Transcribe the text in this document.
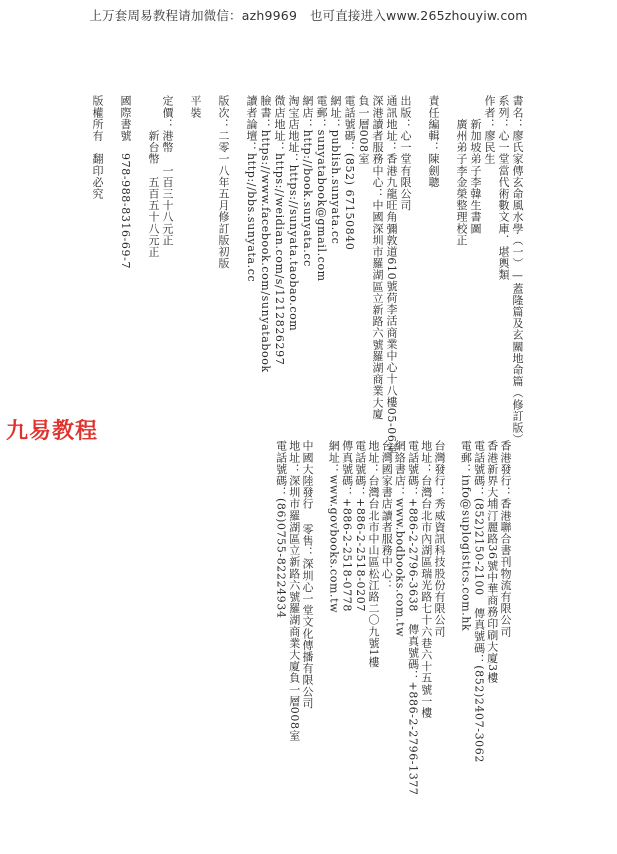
上万套周易教程请加微信：azh9969　也可直接进入www.265zhouyiw.com
書名：廖氏家傳玄命風水學（一）—蓋隆篇及玄關地命篇（修訂版）
系列：心一堂當代術數文庫．堪輿類
作者：廖民生
　　新加坡弟子李韓生書圖
　　廣州弟子李金榮整理校正
責任編輯：陳劍聰
出版：心一堂有限公司
通訊地址：香港九龍旺角彌敦道610號荷李活商業中心十八樓05-06室
深港讀者服務中心：中國深圳市羅湖區立新路六號羅湖商業大廈
負一層008室
電話號碼：(852) 67150840
網址：publish.sunyata.cc
電郵：sunyatabook@gmail.com
網店：http://book.sunyata.cc
淘宝店地址：https://sunyata.taobao.com
微店地址：https://weidian.com/s/1212826297
臉書：https://www.facebook.com/sunyatabook
讀者論壇：http://bbs.sunyata.cc
版次：二零一八年五月修訂版初版
平裝
定價：港幣　一百三十八元正
　　　新台幣　五百五十八元正
國際書號　978-988-8316-69-7
版權所有　翻印必究
香港發行：香港聯合書刊物流有限公司
香港新界大埔汀麗路36號中華商務印刷大廈3樓
電話號碼：(852)2150-2100　傳真號碼：(852)2407-3062
電郵：info@suplogistics.com.hk
台灣發行：秀威資訊科技股份有限公司
地址：台灣台北市內湖區瑞光路七十六巷六十五號一樓
電話號碼：+886-2-2796-3638　傳真號碼：+886-2-2796-1377
網絡書店：www.bodbooks.com.tw
台灣國家書店讀者服務中心：
地址：台灣台北市中山區松江路二〇九號1樓
電話號碼：+886-2-2518-0207
傳真號碼：+886-2-2518-0778
網址：www.govbooks.com.tw
中國大陸發行 零售：深圳心一堂文化傳播有限公司
地址：深圳市羅湖區立新路六號羅湖商業大廈負一層008室
電話號碼：(86)0755-82224934
九易教程
